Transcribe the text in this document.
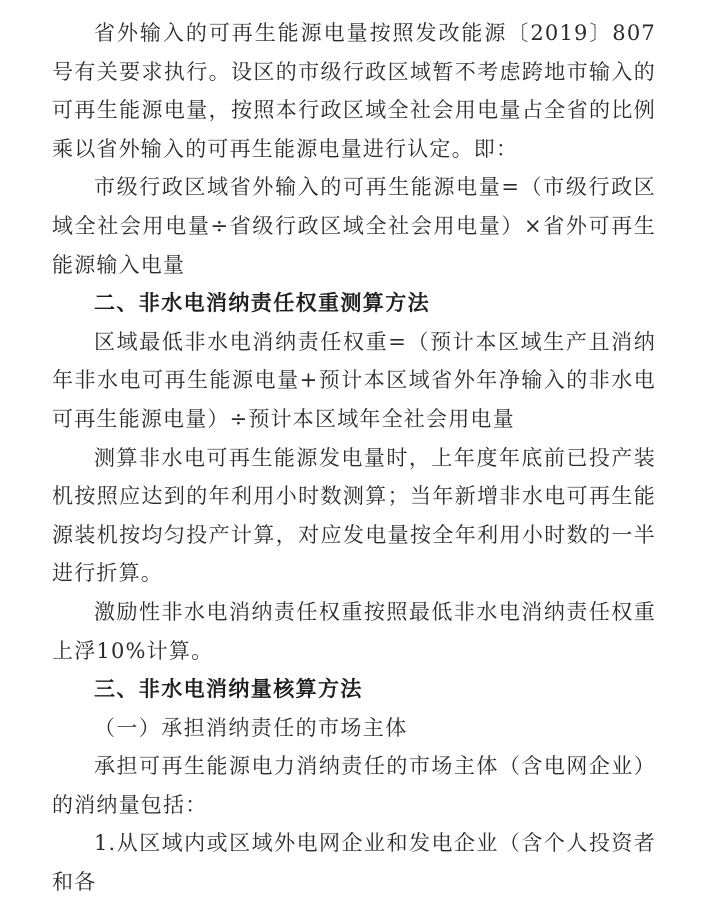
省外输入的可再生能源电量按照发改能源〔2019〕807号有关要求执行。设区的市级行政区域暂不考虑跨地市输入的可再生能源电量，按照本行政区域全社会用电量占全省的比例乘以省外输入的可再生能源电量进行认定。即：

市级行政区域省外输入的可再生能源电量=（市级行政区域全社会用电量÷省级行政区域全社会用电量）×省外可再生能源输入电量

二、非水电消纳责任权重测算方法

区域最低非水电消纳责任权重=（预计本区域生产且消纳年非水电可再生能源电量+预计本区域省外年净输入的非水电可再生能源电量）÷预计本区域年全社会用电量

测算非水电可再生能源发电量时，上年度年底前已投产装机按照应达到的年利用小时数测算；当年新增非水电可再生能源装机按均匀投产计算，对应发电量按全年利用小时数的一半进行折算。

激励性非水电消纳责任权重按照最低非水电消纳责任权重上浮10%计算。

三、非水电消纳量核算方法

（一）承担消纳责任的市场主体

承担可再生能源电力消纳责任的市场主体（含电网企业）的消纳量包括：

1.从区域内或区域外电网企业和发电企业（含个人投资者和各
